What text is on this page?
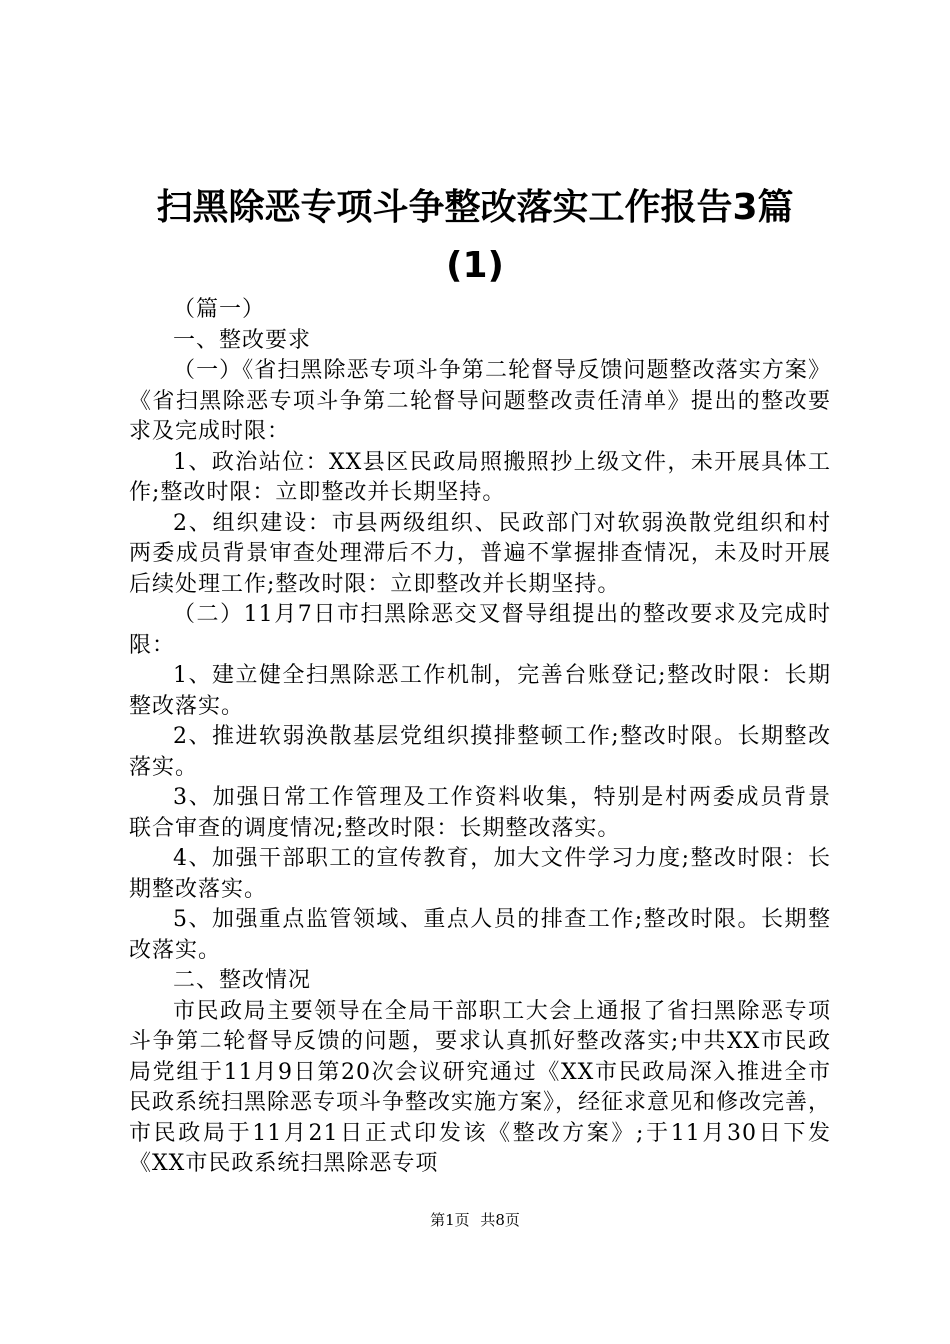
扫黑除恶专项斗争整改落实工作报告3篇
(1)

（篇一）

一、整改要求

（一）《省扫黑除恶专项斗争第二轮督导反馈问题整改落实方案》《省扫黑除恶专项斗争第二轮督导问题整改责任清单》提出的整改要求及完成时限：

1、政治站位：XX县区民政局照搬照抄上级文件，未开展具体工作;整改时限：立即整改并长期坚持。

2、组织建设：市县两级组织、民政部门对软弱涣散党组织和村两委成员背景审查处理滞后不力，普遍不掌握排查情况，未及时开展后续处理工作;整改时限：立即整改并长期坚持。

（二）11月7日市扫黑除恶交叉督导组提出的整改要求及完成时限：

1、建立健全扫黑除恶工作机制，完善台账登记;整改时限：长期整改落实。

2、推进软弱涣散基层党组织摸排整顿工作;整改时限。长期整改落实。

3、加强日常工作管理及工作资料收集，特别是村两委成员背景联合审查的调度情况;整改时限：长期整改落实。

4、加强干部职工的宣传教育，加大文件学习力度;整改时限：长期整改落实。

5、加强重点监管领域、重点人员的排查工作;整改时限。长期整改落实。

二、整改情况

市民政局主要领导在全局干部职工大会上通报了省扫黑除恶专项斗争第二轮督导反馈的问题，要求认真抓好整改落实;中共XX市民政局党组于11月9日第20次会议研究通过《XX市民政局深入推进全市民政系统扫黑除恶专项斗争整改实施方案》，经征求意见和修改完善，市民政局于11月21日正式印发该《整改方案》;于11月30日下发《XX市民政系统扫黑除恶专项

第1页 共8页
